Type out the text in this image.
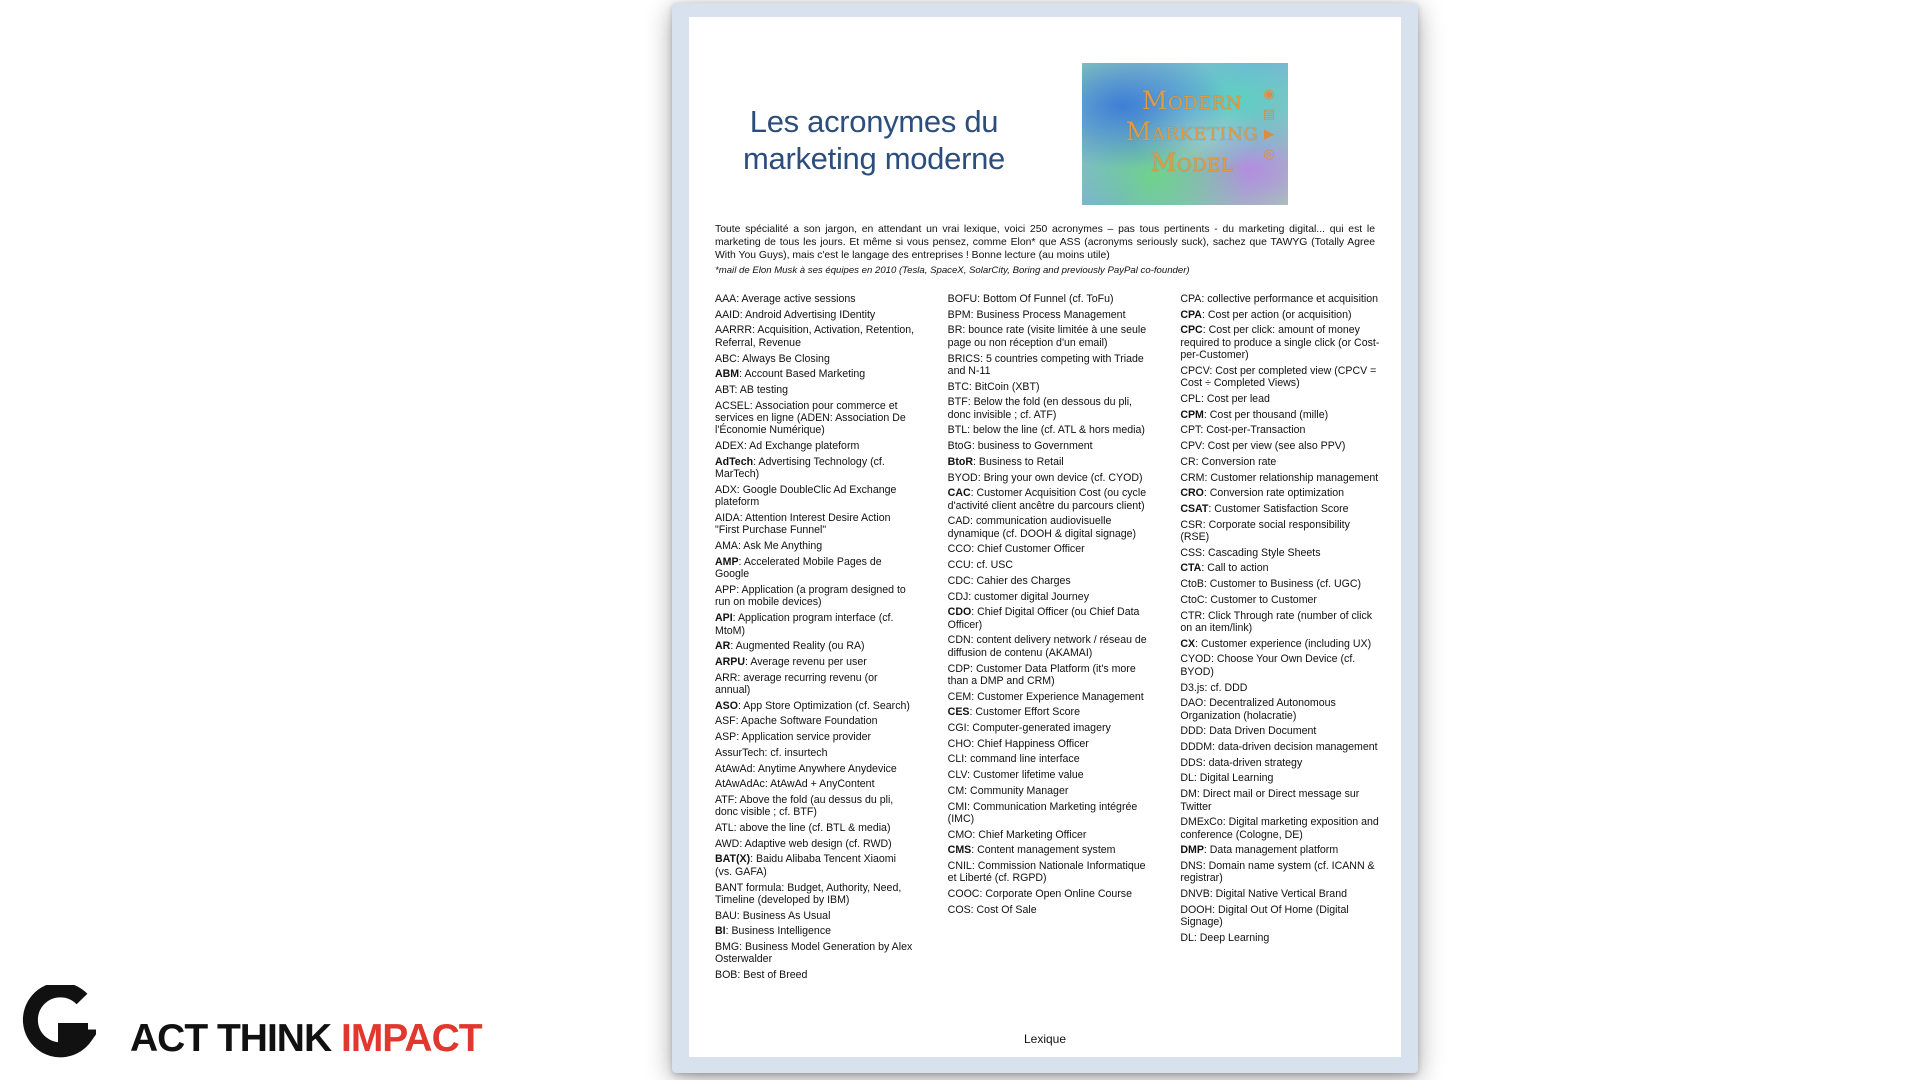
Les acronymes du
marketing moderne
Modern
Marketing
Model
◉
▤
▶
◎
Toute spécialité a son jargon, en attendant un vrai lexique, voici 250 acronymes – pas tous pertinents - du marketing digital... qui est le marketing de tous les jours. Et même si vous pensez, comme Elon* que ASS (acronyms seriously suck), sachez que TAWYG (Totally Agree With You Guys), mais c'est le langage des entreprises ! Bonne lecture (au moins utile)
*mail de Elon Musk à ses équipes en 2010 (Tesla, SpaceX, SolarCity, Boring and previously PayPal co-founder)
AAA: Average active sessions
AAID: Android Advertising IDentity
AARRR: Acquisition, Activation, Retention, Referral, Revenue
ABC: Always Be Closing
ABM: Account Based Marketing
ABT: AB testing
ACSEL: Association pour commerce et services en ligne (ADEN: Association De l'Économie Numérique)
ADEX: Ad Exchange plateform
AdTech: Advertising Technology (cf. MarTech)
ADX: Google DoubleClic Ad Exchange plateform
AIDA: Attention Interest Desire Action "First Purchase Funnel"
AMA: Ask Me Anything
AMP: Accelerated Mobile Pages de Google
APP: Application (a program designed to run on mobile devices)
API: Application program interface (cf. MtoM)
AR: Augmented Reality (ou RA)
ARPU: Average revenu per user
ARR: average recurring revenu (or annual)
ASO: App Store Optimization (cf. Search)
ASF: Apache Software Foundation
ASP: Application service provider
AssurTech: cf. insurtech
AtAwAd: Anytime Anywhere Anydevice
AtAwAdAc: AtAwAd + AnyContent
ATF: Above the fold (au dessus du pli, donc visible ; cf. BTF)
ATL: above the line (cf. BTL & media)
AWD: Adaptive web design (cf. RWD)
BAT(X): Baidu Alibaba Tencent Xiaomi (vs. GAFA)
BANT formula: Budget, Authority, Need, Timeline (developed by IBM)
BAU: Business As Usual
BI: Business Intelligence
BMG: Business Model Generation by Alex Osterwalder
BOB: Best of Breed
BOFU: Bottom Of Funnel (cf. ToFu)
BPM: Business Process Management
BR: bounce rate (visite limitée à une seule page ou non réception d'un email)
BRICS: 5 countries competing with Triade and N-11
BTC: BitCoin (XBT)
BTF: Below the fold (en dessous du pli, donc invisible ; cf. ATF)
BTL: below the line (cf. ATL & hors media)
BtoG: business to Government
BtoR: Business to Retail
BYOD: Bring your own device (cf. CYOD)
CAC: Customer Acquisition Cost (ou cycle d'activité client ancêtre du parcours client)
CAD: communication audiovisuelle dynamique (cf. DOOH & digital signage)
CCO: Chief Customer Officer
CCU: cf. USC
CDC: Cahier des Charges
CDJ: customer digital Journey
CDO: Chief Digital Officer (ou Chief Data Officer)
CDN: content delivery network / réseau de diffusion de contenu (AKAMAI)
CDP: Customer Data Platform (it's more than a DMP and CRM)
CEM: Customer Experience Management
CES: Customer Effort Score
CGI: Computer-generated imagery
CHO: Chief Happiness Officer
CLI: command line interface
CLV: Customer lifetime value
CM: Community Manager
CMI: Communication Marketing intégrée (IMC)
CMO: Chief Marketing Officer
CMS: Content management system
CNIL: Commission Nationale Informatique et Liberté (cf. RGPD)
COOC: Corporate Open Online Course
COS: Cost Of Sale
CPA: collective performance et acquisition
CPA: Cost per action (or acquisition)
CPC: Cost per click: amount of money required to produce a single click (or Cost-per-Customer)
CPCV: Cost per completed view (CPCV = Cost ÷ Completed Views)
CPL: Cost per lead
CPM: Cost per thousand (mille)
CPT: Cost-per-Transaction
CPV: Cost per view (see also PPV)
CR: Conversion rate
CRM: Customer relationship management
CRO: Conversion rate optimization
CSAT: Customer Satisfaction Score
CSR: Corporate social responsibility (RSE)
CSS: Cascading Style Sheets
CTA: Call to action
CtoB: Customer to Business (cf. UGC)
CtoC: Customer to Customer
CTR: Click Through rate (number of click on an item/link)
CX: Customer experience (including UX)
CYOD: Choose Your Own Device (cf. BYOD)
D3.js: cf. DDD
DAO: Decentralized Autonomous Organization (holacratie)
DDD: Data Driven Document
DDDM: data-driven decision management
DDS: data-driven strategy
DL: Digital Learning
DM: Direct mail or Direct message sur Twitter
DMExCo: Digital marketing exposition and conference (Cologne, DE)
DMP: Data management platform
DNS: Domain name system (cf. ICANN & registrar)
DNVB: Digital Native Vertical Brand
DOOH: Digital Out Of Home (Digital Signage)
DL: Deep Learning
Lexique
ACT THINK IMPACT
